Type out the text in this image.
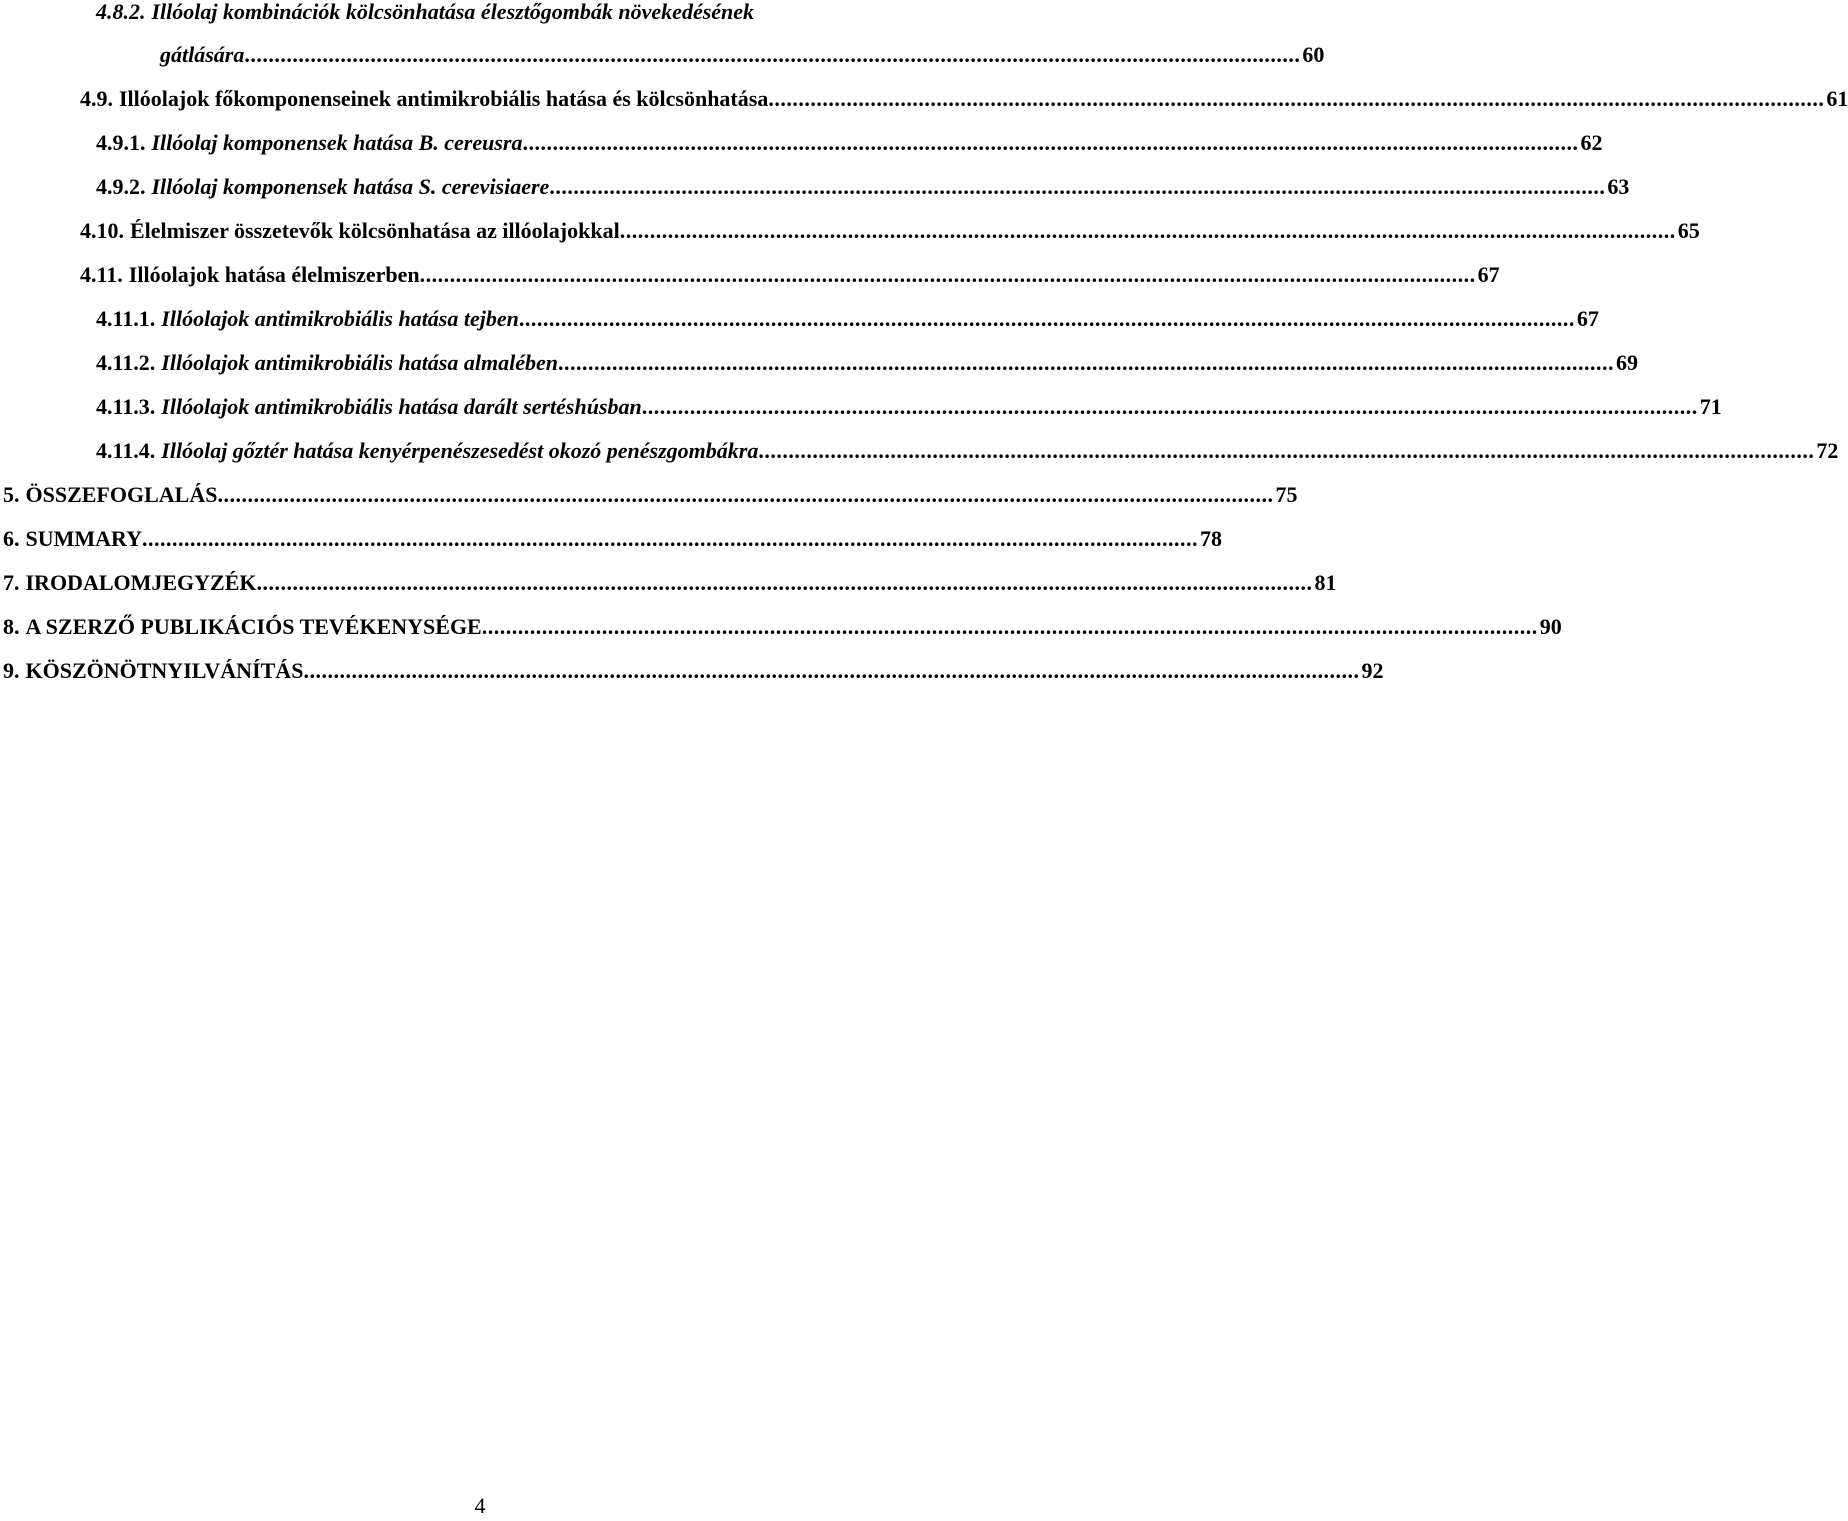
4.8.2. Illóolaj kombinációk kölcsönhatása élesztőgombák növekedésének
gátlására ................................................................................................................................................................................ 60
4.9. Illóolajok főkomponenseinek antimikrobiális hatása és kölcsönhatása ................................................................................................................................................................................ 61
4.9.1. Illóolaj komponensek hatása B. cereusra ................................................................................................................................................................................ 62
4.9.2. Illóolaj komponensek hatása S. cerevisiaere ................................................................................................................................................................................ 63
4.10. Élelmiszer összetevők kölcsönhatása az illóolajokkal ................................................................................................................................................................................ 65
4.11. Illóolajok hatása élelmiszerben ................................................................................................................................................................................ 67
4.11.1. Illóolajok antimikrobiális hatása tejben ................................................................................................................................................................................ 67
4.11.2. Illóolajok antimikrobiális hatása almalében ................................................................................................................................................................................ 69
4.11.3. Illóolajok antimikrobiális hatása darált sertéshúsban ................................................................................................................................................................................ 71
4.11.4. Illóolaj gőztér hatása kenyérpenészesedést okozó penészgombákra ................................................................................................................................................................................ 72
5. ÖSSZEFOGLALÁS ................................................................................................................................................................................ 75
6. SUMMARY ................................................................................................................................................................................ 78
7. IRODALOMJEGYZÉK ................................................................................................................................................................................ 81
8. A SZERZŐ PUBLIKÁCIÓS TEVÉKENYSÉGE ................................................................................................................................................................................ 90
9. KÖSZÖNÖTNYILVÁNÍTÁS ................................................................................................................................................................................ 92
4
